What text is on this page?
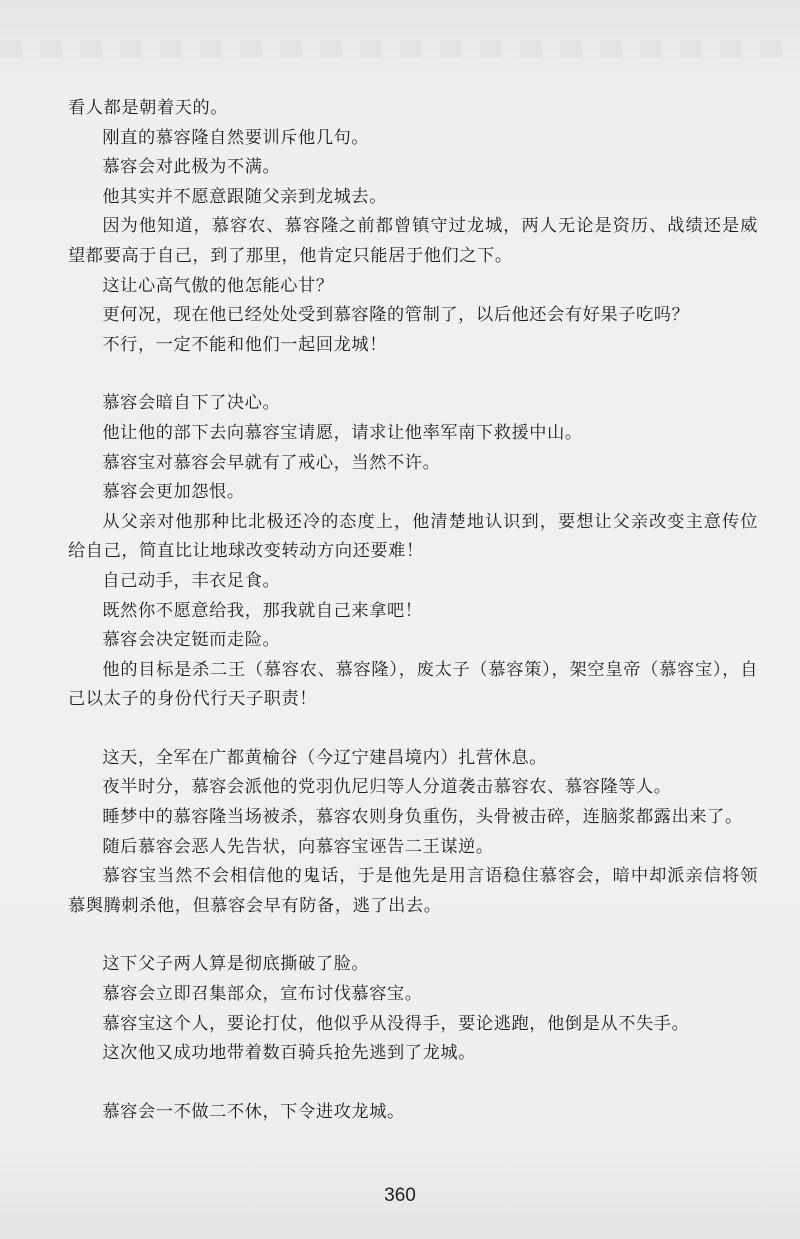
看人都是朝着天的。

刚直的慕容隆自然要训斥他几句。

慕容会对此极为不满。

他其实并不愿意跟随父亲到龙城去。

因为他知道，慕容农、慕容隆之前都曾镇守过龙城，两人无论是资历、战绩还是威望都要高于自己，到了那里，他肯定只能居于他们之下。

这让心高气傲的他怎能心甘？

更何况，现在他已经处处受到慕容隆的管制了，以后他还会有好果子吃吗？

不行，一定不能和他们一起回龙城！

慕容会暗自下了决心。

他让他的部下去向慕容宝请愿，请求让他率军南下救援中山。

慕容宝对慕容会早就有了戒心，当然不许。

慕容会更加怨恨。

从父亲对他那种比北极还冷的态度上，他清楚地认识到，要想让父亲改变主意传位给自己，简直比让地球改变转动方向还要难！

自己动手，丰衣足食。

既然你不愿意给我，那我就自己来拿吧！

慕容会决定铤而走险。

他的目标是杀二王（慕容农、慕容隆），废太子（慕容策），架空皇帝（慕容宝），自己以太子的身份代行天子职责！

这天，全军在广都黄榆谷（今辽宁建昌境内）扎营休息。

夜半时分，慕容会派他的党羽仇尼归等人分道袭击慕容农、慕容隆等人。

睡梦中的慕容隆当场被杀，慕容农则身负重伤，头骨被击碎，连脑浆都露出来了。

随后慕容会恶人先告状，向慕容宝诬告二王谋逆。

慕容宝当然不会相信他的鬼话，于是他先是用言语稳住慕容会，暗中却派亲信将领慕舆腾刺杀他，但慕容会早有防备，逃了出去。

这下父子两人算是彻底撕破了脸。

慕容会立即召集部众，宣布讨伐慕容宝。

慕容宝这个人，要论打仗，他似乎从没得手，要论逃跑，他倒是从不失手。

这次他又成功地带着数百骑兵抢先逃到了龙城。

慕容会一不做二不休，下令进攻龙城。

360
